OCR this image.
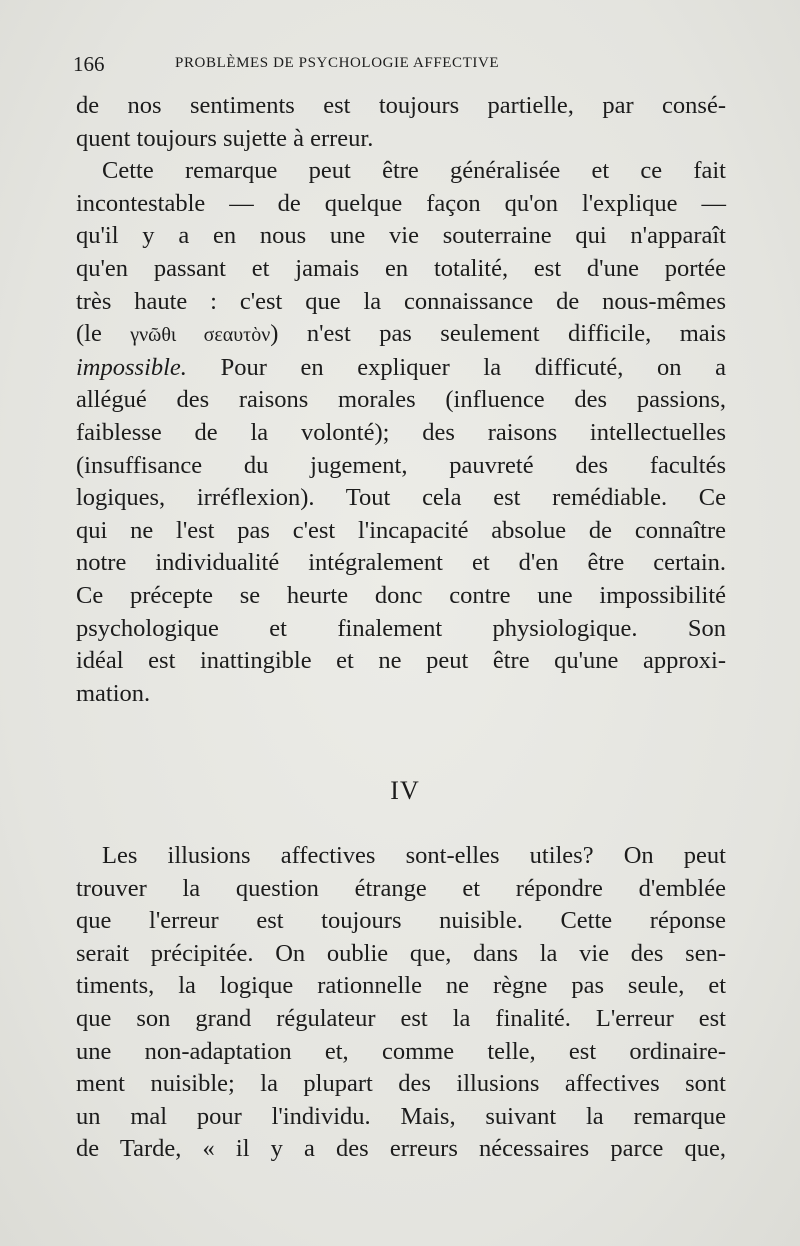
166	PROBLÈMES DE PSYCHOLOGIE AFFECTIVE
de nos sentiments est toujours partielle, par consé-
quent toujours sujette à erreur.
Cette remarque peut être généralisée et ce fait
incontestable — de quelque façon qu'on l'explique —
qu'il y a en nous une vie souterraine qui n'apparaît
qu'en passant et jamais en totalité, est d'une portée
très haute : c'est que la connaissance de nous-mêmes
(le γνῶθι σεαυτὸν) n'est pas seulement difficile, mais
impossible. Pour en expliquer la difficuté, on a
allégué des raisons morales (influence des passions,
faiblesse de la volonté); des raisons intellectuelles
(insuffisance du jugement, pauvreté des facultés
logiques, irréflexion). Tout cela est remédiable. Ce
qui ne l'est pas c'est l'incapacité absolue de connaître
notre individualité intégralement et d'en être certain.
Ce précepte se heurte donc contre une impossibilité
psychologique et finalement physiologique. Son
idéal est inattingible et ne peut être qu'une approxi-
mation.
IV
Les illusions affectives sont-elles utiles? On peut
trouver la question étrange et répondre d'emblée
que l'erreur est toujours nuisible. Cette réponse
serait précipitée. On oublie que, dans la vie des sen-
timents, la logique rationnelle ne règne pas seule, et
que son grand régulateur est la finalité. L'erreur est
une non-adaptation et, comme telle, est ordinaire-
ment nuisible; la plupart des illusions affectives sont
un mal pour l'individu. Mais, suivant la remarque
de Tarde, « il y a des erreurs nécessaires parce que,
